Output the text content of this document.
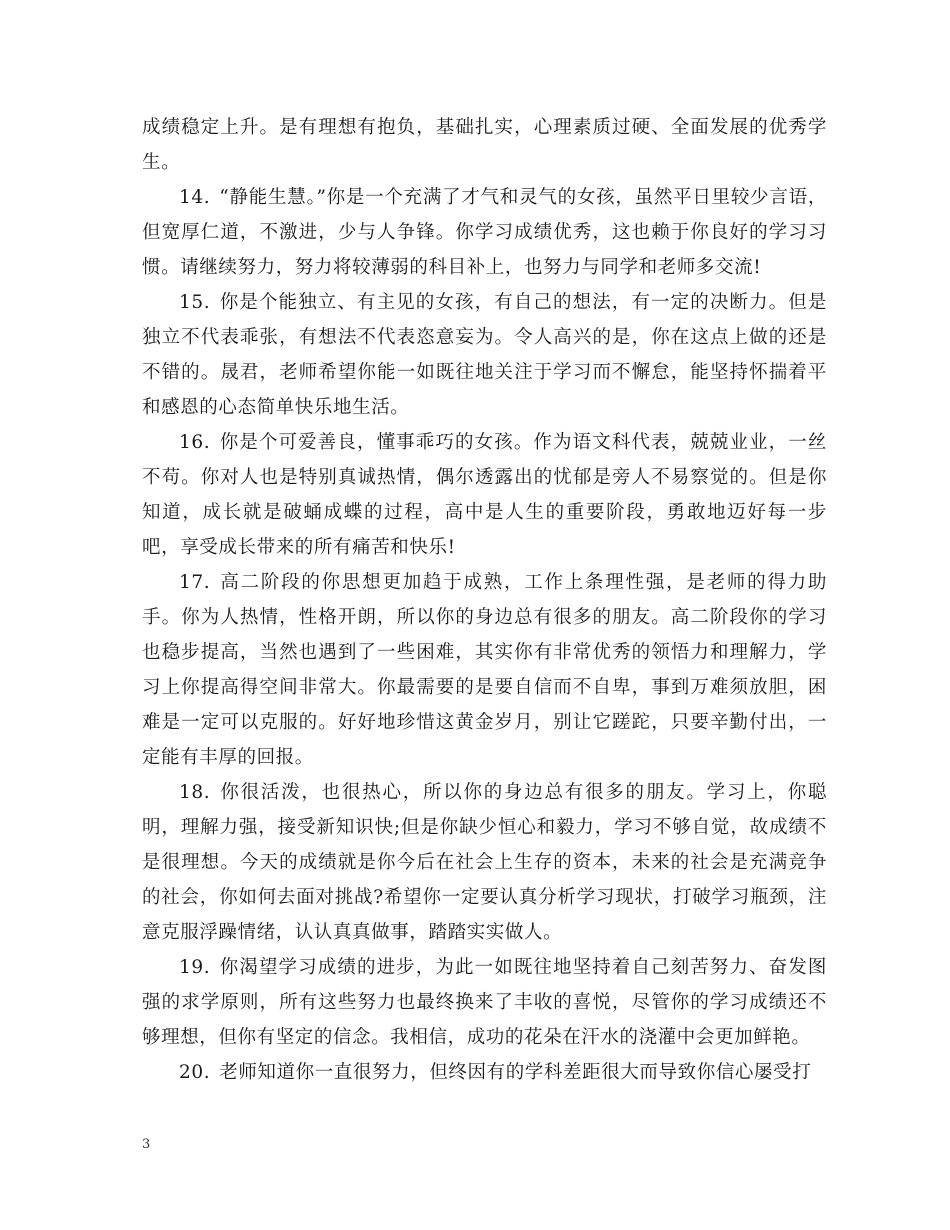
成绩稳定上升。是有理想有抱负，基础扎实，心理素质过硬、全面发展的优秀学生。

14. “静能生慧。”你是一个充满了才气和灵气的女孩，虽然平日里较少言语，但宽厚仁道，不激进，少与人争锋。你学习成绩优秀，这也赖于你良好的学习习惯。请继续努力，努力将较薄弱的科目补上，也努力与同学和老师多交流!

15. 你是个能独立、有主见的女孩，有自己的想法，有一定的决断力。但是独立不代表乖张，有想法不代表恣意妄为。令人高兴的是，你在这点上做的还是不错的。晟君，老师希望你能一如既往地关注于学习而不懈怠，能坚持怀揣着平和感恩的心态简单快乐地生活。

16. 你是个可爱善良，懂事乖巧的女孩。作为语文科代表，兢兢业业，一丝不苟。你对人也是特别真诚热情，偶尔透露出的忧郁是旁人不易察觉的。但是你知道，成长就是破蛹成蝶的过程，高中是人生的重要阶段，勇敢地迈好每一步吧，享受成长带来的所有痛苦和快乐!

17. 高二阶段的你思想更加趋于成熟，工作上条理性强，是老师的得力助手。你为人热情，性格开朗，所以你的身边总有很多的朋友。高二阶段你的学习也稳步提高，当然也遇到了一些困难，其实你有非常优秀的领悟力和理解力，学习上你提高得空间非常大。你最需要的是要自信而不自卑，事到万难须放胆，困难是一定可以克服的。好好地珍惜这黄金岁月，别让它蹉跎，只要辛勤付出，一定能有丰厚的回报。

18. 你很活泼，也很热心，所以你的身边总有很多的朋友。学习上，你聪明，理解力强，接受新知识快;但是你缺少恒心和毅力，学习不够自觉，故成绩不是很理想。今天的成绩就是你今后在社会上生存的资本，未来的社会是充满竞争的社会，你如何去面对挑战?希望你一定要认真分析学习现状，打破学习瓶颈，注意克服浮躁情绪，认认真真做事，踏踏实实做人。

19. 你渴望学习成绩的进步，为此一如既往地坚持着自己刻苦努力、奋发图强的求学原则，所有这些努力也最终换来了丰收的喜悦，尽管你的学习成绩还不够理想，但你有坚定的信念。我相信，成功的花朵在汗水的浇灌中会更加鲜艳。

20. 老师知道你一直很努力，但终因有的学科差距很大而导致你信心屡受打

3
